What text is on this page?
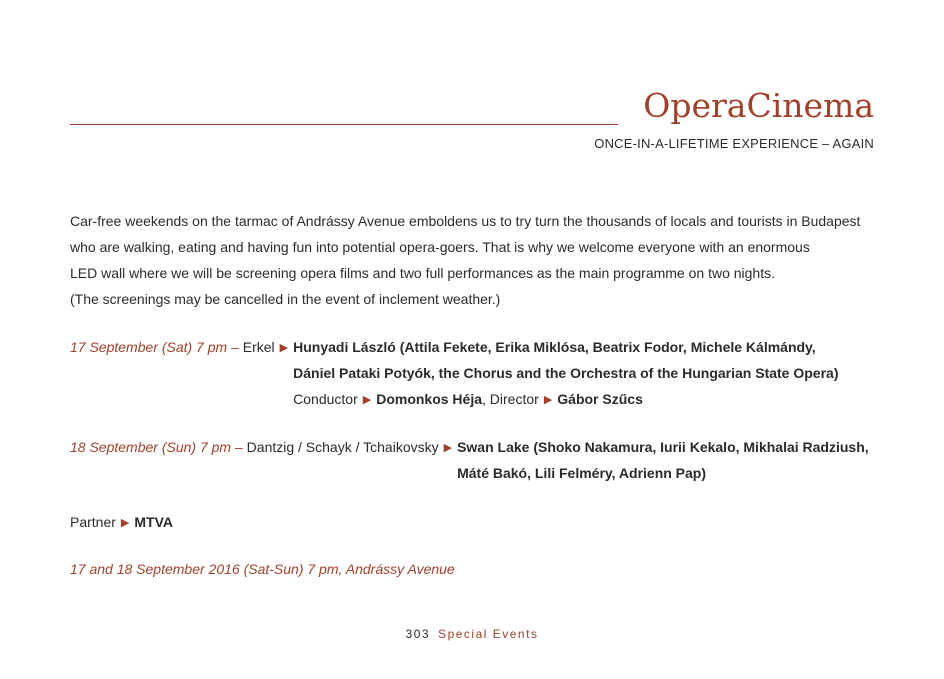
OperaCinema
ONCE-IN-A-LIFETIME EXPERIENCE – AGAIN

Car-free weekends on the tarmac of Andrássy Avenue emboldens us to try turn the thousands of locals and tourists in Budapest

who are walking, eating and having fun into potential opera-goers. That is why we welcome everyone with an enormous

LED wall where we will be screening opera films and two full performances as the main programme on two nights.

(The screenings may be cancelled in the event of inclement weather.)

17 September (Sat) 7 pm
–
Erkel ▶ Hunyadi László (Attila Fekete, Erika Miklósa, Beatrix Fodor, Michele Kálmándy,
Dániel Pataki Potyók, the Chorus and the Orchestra of the Hungarian State Opera)
Conductor ▶ Domonkos Héja, Director ▶ Gábor Szűcs
18 September (Sun) 7 pm
–
Dantzig / Schayk / Tchaikovsky ▶ Swan Lake (Shoko Nakamura, Iurii Kekalo, Mikhalai Radziush,
Máté Bakó, Lili Felméry, Adrienn Pap)
Partner ▶ MTVA
17 and 18 September 2016 (Sat-Sun) 7 pm, Andrássy Avenue
303 Special Events
